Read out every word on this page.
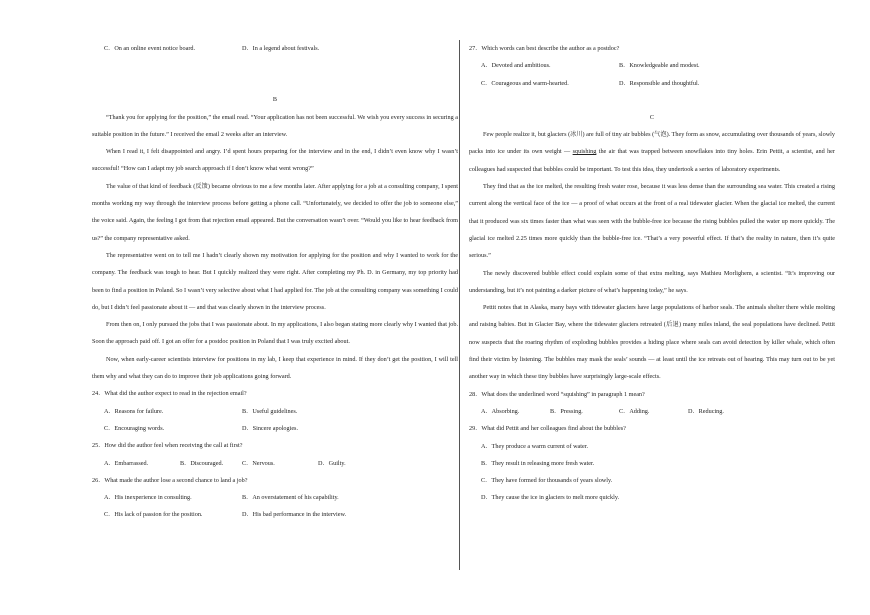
C．On an online event notice board.	D．In a legend about festivals.

B

“Thank you for applying for the position,” the email read. “Your application has not been successful. We wish you every success in securing a suitable position in the future.” I received the email 2 weeks after an interview.

When I read it, I felt disappointed and angry. I’d spent hours preparing for the interview and in the end, I didn’t even know why I wasn’t successful! “How can I adapt my job search approach if I don’t know what went wrong?”

The value of that kind of feedback (反馈) became obvious to me a few months later. After applying for a job at a consulting company, I spent months working my way through the interview process before getting a phone call. “Unfortunately, we decided to offer the job to someone else,” the voice said. Again, the feeling I got from that rejection email appeared. But the conversation wasn’t over. “Would you like to hear feedback from us?” the company representative asked.

The representative went on to tell me I hadn’t clearly shown my motivation for applying for the position and why I wanted to work for the company. The feedback was tough to hear. But I quickly realized they were right. After completing my Ph. D. in Germany, my top priority had been to find a position in Poland. So I wasn’t very selective about what I had applied for. The job at the consulting company was something I could do, but I didn’t feel passionate about it — and that was clearly shown in the interview process.

From then on, I only pursued the jobs that I was passionate about. In my applications, I also began stating more clearly why I wanted that job. Soon the approach paid off. I got an offer for a postdoc position in Poland that I was truly excited about.

Now, when early-career scientists interview for positions in my lab, I keep that experience in mind. If they don’t get the position, I will tell them why and what they can do to improve their job applications going forward.

24．What did the author expect to read in the rejection email?

A．Reasons for failure.	B．Useful guidelines.

C．Encouraging words.	D．Sincere apologies.

25．How did the author feel when receiving the call at first?

A．Embarrassed.	B．Discouraged.	C．Nervous.	D．Guilty.

26．What made the author lose a second chance to land a job?

A．His inexperience in consulting.	B．An overstatement of his capability.

C．His lack of passion for the position.	D．His bad performance in the interview.

27．Which words can best describe the author as a postdoc?

A．Devoted and ambitious.	B．Knowledgeable and modest.

C．Courageous and warm-hearted.	D．Responsible and thoughtful.

C

Few people realize it, but glaciers (冰川) are full of tiny air bubbles (气泡). They form as snow, accumulating over thousands of years, slowly packs into ice under its own weight — squishing the air that was trapped between snowflakes into tiny holes. Erin Pettit, a scientist, and her colleagues had suspected that bubbles could be important. To test this idea, they undertook a series of laboratory experiments.

They find that as the ice melted, the resulting fresh water rose, because it was less dense than the surrounding sea water. This created a rising current along the vertical face of the ice — a proof of what occurs at the front of a real tidewater glacier. When the glacial ice melted, the current that it produced was six times faster than what was seen with the bubble-free ice because the rising bubbles pulled the water up more quickly. The glacial ice melted 2.25 times more quickly than the bubble-free ice. “That’s a very powerful effect. If that’s the reality in nature, then it’s quite serious.”

The newly discovered bubble effect could explain some of that extra melting, says Mathieu Morlighem, a scientist. “It’s improving our understanding, but it’s not painting a darker picture of what’s happening today,” he says.

Pettit notes that in Alaska, many bays with tidewater glaciers have large populations of harbor seals. The animals shelter there while molting and raising babies. But in Glacier Bay, where the tidewater glaciers retreated (后退) many miles inland, the seal populations have declined. Pettit now suspects that the roaring rhythm of exploding bubbles provides a hiding place where seals can avoid detection by killer whale, which often find their victim by listening. The bubbles may mask the seals’ sounds — at least until the ice retreats out of hearing. This may turn out to be yet another way in which these tiny bubbles have surprisingly large-scale effects.

28．What does the underlined word “squishing” in paragraph 1 mean?

A．Absorbing.	B．Pressing.	C．Adding.	D．Reducing.

29．What did Pettit and her colleagues find about the bubbles?

A．They produce a warm current of water.

B．They result in releasing more fresh water.

C．They have formed for thousands of years slowly.

D．They cause the ice in glaciers to melt more quickly.
